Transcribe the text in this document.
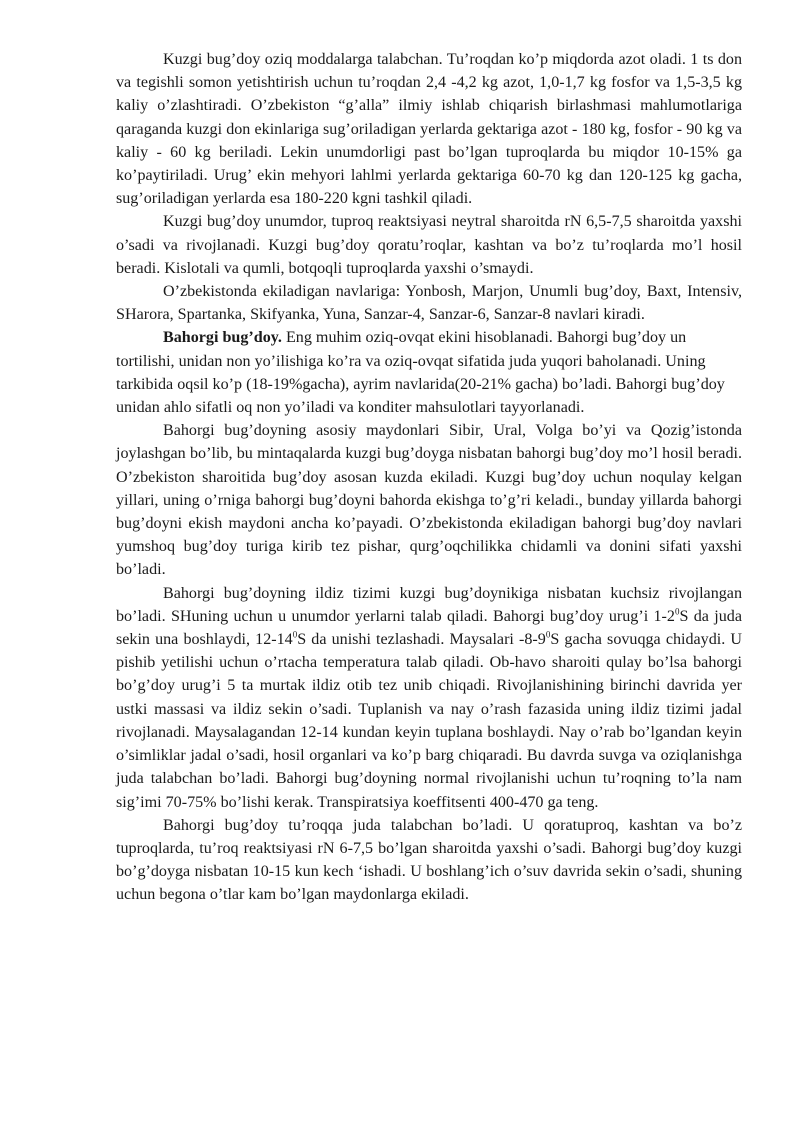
Kuzgi bug’doy oziq moddalarga talabchan. Tu’roqdan ko’p miqdorda azot oladi. 1 ts don va tegishli somon yetishtirish uchun tu’roqdan 2,4 -4,2 kg azot, 1,0-1,7 kg fosfor va 1,5-3,5 kg kaliy o’zlashtiradi. O’zbekiston “g’alla” ilmiy ishlab chiqarish birlashmasi mahlumotlariga qaraganda kuzgi don ekinlariga sug’oriladigan yerlarda gektariga azot - 180 kg, fosfor - 90 kg va kaliy - 60 kg beriladi. Lekin unumdorligi past bo’lgan tuproqlarda bu miqdor 10-15% ga ko’paytiriladi. Urug’ ekin mehyori lahlmi yerlarda gektariga 60-70 kg dan 120-125 kg gacha, sug’oriladigan yerlarda esa 180-220 kgni tashkil qiladi.

Kuzgi bug’doy unumdor, tuproq reaktsiyasi neytral sharoitda rN 6,5-7,5 sharoitda yaxshi o’sadi va rivojlanadi. Kuzgi bug’doy qoratu’roqlar, kashtan va bo’z tu’roqlarda mo’l hosil beradi. Kislotali va qumli, botqoqli tuproqlarda yaxshi o’smaydi.

O’zbekistonda ekiladigan navlariga: Yonbosh, Marjon, Unumli bug’doy, Baxt, Intensiv, SHarora, Spartanka, Skifyanka, Yuna, Sanzar-4, Sanzar-6, Sanzar-8 navlari kiradi.

Bahorgi bug’doy. Eng muhim oziq-ovqat ekini hisoblanadi. Bahorgi bug’doy un tortilishi, unidan non yo’ilishiga ko’ra va oziq-ovqat sifatida juda yuqori baholanadi. Uning tarkibida oqsil ko’p (18-19%gacha), ayrim navlarida(20-21% gacha) bo’ladi. Bahorgi bug’doy unidan ahlo sifatli oq non yo’iladi va konditer mahsulotlari tayyorlanadi.

Bahorgi bug’doyning asosiy maydonlari Sibir, Ural, Volga bo’yi va Qozig’istonda joylashgan bo’lib, bu mintaqalarda kuzgi bug’doyga nisbatan bahorgi bug’doy mo’l hosil beradi. O’zbekiston sharoitida bug’doy asosan kuzda ekiladi. Kuzgi bug’doy uchun noqulay kelgan yillari, uning o’rniga bahorgi bug’doyni bahorda ekishga to’g’ri keladi., bunday yillarda bahorgi bug’doyni ekish maydoni ancha ko’payadi. O’zbekistonda ekiladigan bahorgi bug’doy navlari yumshoq bug’doy turiga kirib tez pishar, qurg’oqchilikka chidamli va donini sifati yaxshi bo’ladi.

Bahorgi bug’doyning ildiz tizimi kuzgi bug’doynikiga nisbatan kuchsiz rivojlangan bo’ladi. SHuning uchun u unumdor yerlarni talab qiladi. Bahorgi bug’doy urug’i $1-2^0S$ da juda sekin una boshlaydi, $12-14^0S$ da unishi tezlashadi. Maysalari $-8-9^0S$ gacha sovuqga chidaydi. U pishib yetilishi uchun o’rtacha temperatura talab qiladi. Ob-havo sharoiti qulay bo’lsa bahorgi bo’g’doy urug’i 5 ta murtak ildiz otib tez unib chiqadi. Rivojlanishining birinchi davrida yer ustki massasi va ildiz sekin o’sadi. Tuplanish va nay o’rash fazasida uning ildiz tizimi jadal rivojlanadi. Maysalagandan 12-14 kundan keyin tuplana boshlaydi. Nay o’rab bo’lgandan keyin o’simliklar jadal o’sadi, hosil organlari va ko’p barg chiqaradi. Bu davrda suvga va oziqlanishga juda talabchan bo’ladi. Bahorgi bug’doyning normal rivojlanishi uchun tu’roqning to’la nam sig’imi 70-75% bo’lishi kerak. Transpiratsiya koeffitsenti 400-470 ga teng.

Bahorgi bug’doy tu’roqqa juda talabchan bo’ladi. U qoratuproq, kashtan va bo’z tuproqlarda, tu’roq reaktsiyasi rN 6-7,5 bo’lgan sharoitda yaxshi o’sadi. Bahorgi bug’doy kuzgi bo’g’doyga nisbatan 10-15 kun kech ‘ishadi. U boshlang’ich o’suv davrida sekin o’sadi, shuning uchun begona o’tlar kam bo’lgan maydonlarga ekiladi.
